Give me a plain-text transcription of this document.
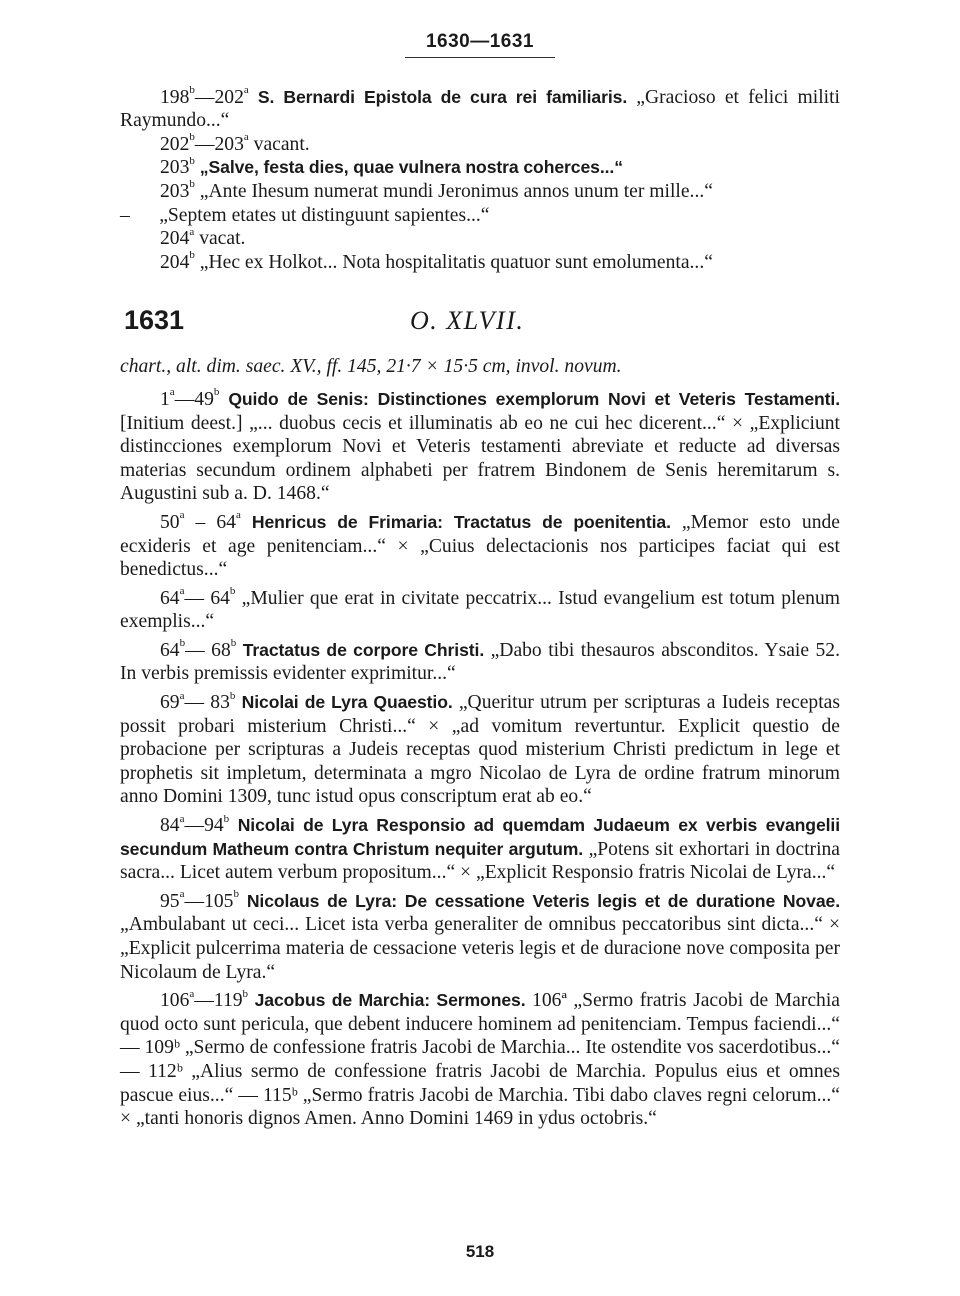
1630—1631

198$^b$—202$^a$ S. Bernardi Epistola de cura rei familiaris. „Gracioso et felici militi Raymundo...“

202$^b$—203$^a$ vacant.

203$^b$ „Salve, festa dies, quae vulnera nostra coherces...“

203$^b$ „Ante Ihesum numerat mundi Jeronimus annos unum ter mille...“

–      „Septem etates ut distinguunt sapientes...“

204$^a$ vacat.

204$^b$ „Hec ex Holkot... Nota hospitalitatis quatuor sunt emolumenta...“

1631	O. XLVII.

chart., alt. dim. saec. XV., ff. 145, 21·7 × 15·5 cm, invol. novum.

1$^a$—49$^b$ Quido de Senis: Distinctiones exemplorum Novi et Veteris Testamenti. [Initium deest.] „... duobus cecis et illuminatis ab eo ne cui hec dicerent...“ × „Expliciunt distincciones exemplorum Novi et Veteris testamenti abreviate et reducte ad diversas materias secundum ordinem alphabeti per fratrem Bindonem de Senis heremitarum s. Augustini sub a. D. 1468.“

50$^a$ – 64$^a$ Henricus de Frimaria: Tractatus de poenitentia. „Memor esto unde ecxideris et age penitenciam...“ × „Cuius delectacionis nos participes faciat qui est benedictus...“

64$^a$— 64$^b$ „Mulier que erat in civitate peccatrix... Istud evangelium est totum plenum exemplis...“

64$^b$— 68$^b$ Tractatus de corpore Christi. „Dabo tibi thesauros absconditos. Ysaie 52. In verbis premissis evidenter exprimitur...“

69$^a$— 83$^b$ Nicolai de Lyra Quaestio. „Queritur utrum per scripturas a Iudeis receptas possit probari misterium Christi...“ × „ad vomitum revertuntur. Explicit questio de probacione per scripturas a Judeis receptas quod misterium Christi predictum in lege et prophetis sit impletum, determinata a mgro Nicolao de Lyra de ordine fratrum minorum anno Domini 1309, tunc istud opus conscriptum erat ab eo.“

84$^a$—94$^b$ Nicolai de Lyra Responsio ad quemdam Judaeum ex verbis evangelii secundum Matheum contra Christum nequiter argutum. „Potens sit exhortari in doctrina sacra... Licet autem verbum propositum...“ × „Explicit Responsio fratris Nicolai de Lyra...“

95$^a$—105$^b$ Nicolaus de Lyra: De cessatione Veteris legis et de duratione Novae. „Ambulabant ut ceci... Licet ista verba generaliter de omnibus peccatoribus sint dicta...“ × „Explicit pulcerrima materia de cessacione veteris legis et de duracione nove composita per Nicolaum de Lyra.“

106$^a$—119$^b$ Jacobus de Marchia: Sermones. 106ª „Sermo fratris Jacobi de Marchia quod octo sunt pericula, que debent inducere hominem ad penitenciam. Tempus faciendi...“ — 109ᵇ „Sermo de confessione fratris Jacobi de Marchia... Ite ostendite vos sacerdotibus...“ — 112ᵇ „Alius sermo de confessione fratris Jacobi de Marchia. Populus eius et omnes pascue eius...“ — 115ᵇ „Sermo fratris Jacobi de Marchia. Tibi dabo claves regni celorum...“ × „tanti honoris dignos Amen. Anno Domini 1469 in ydus octobris.“

518
